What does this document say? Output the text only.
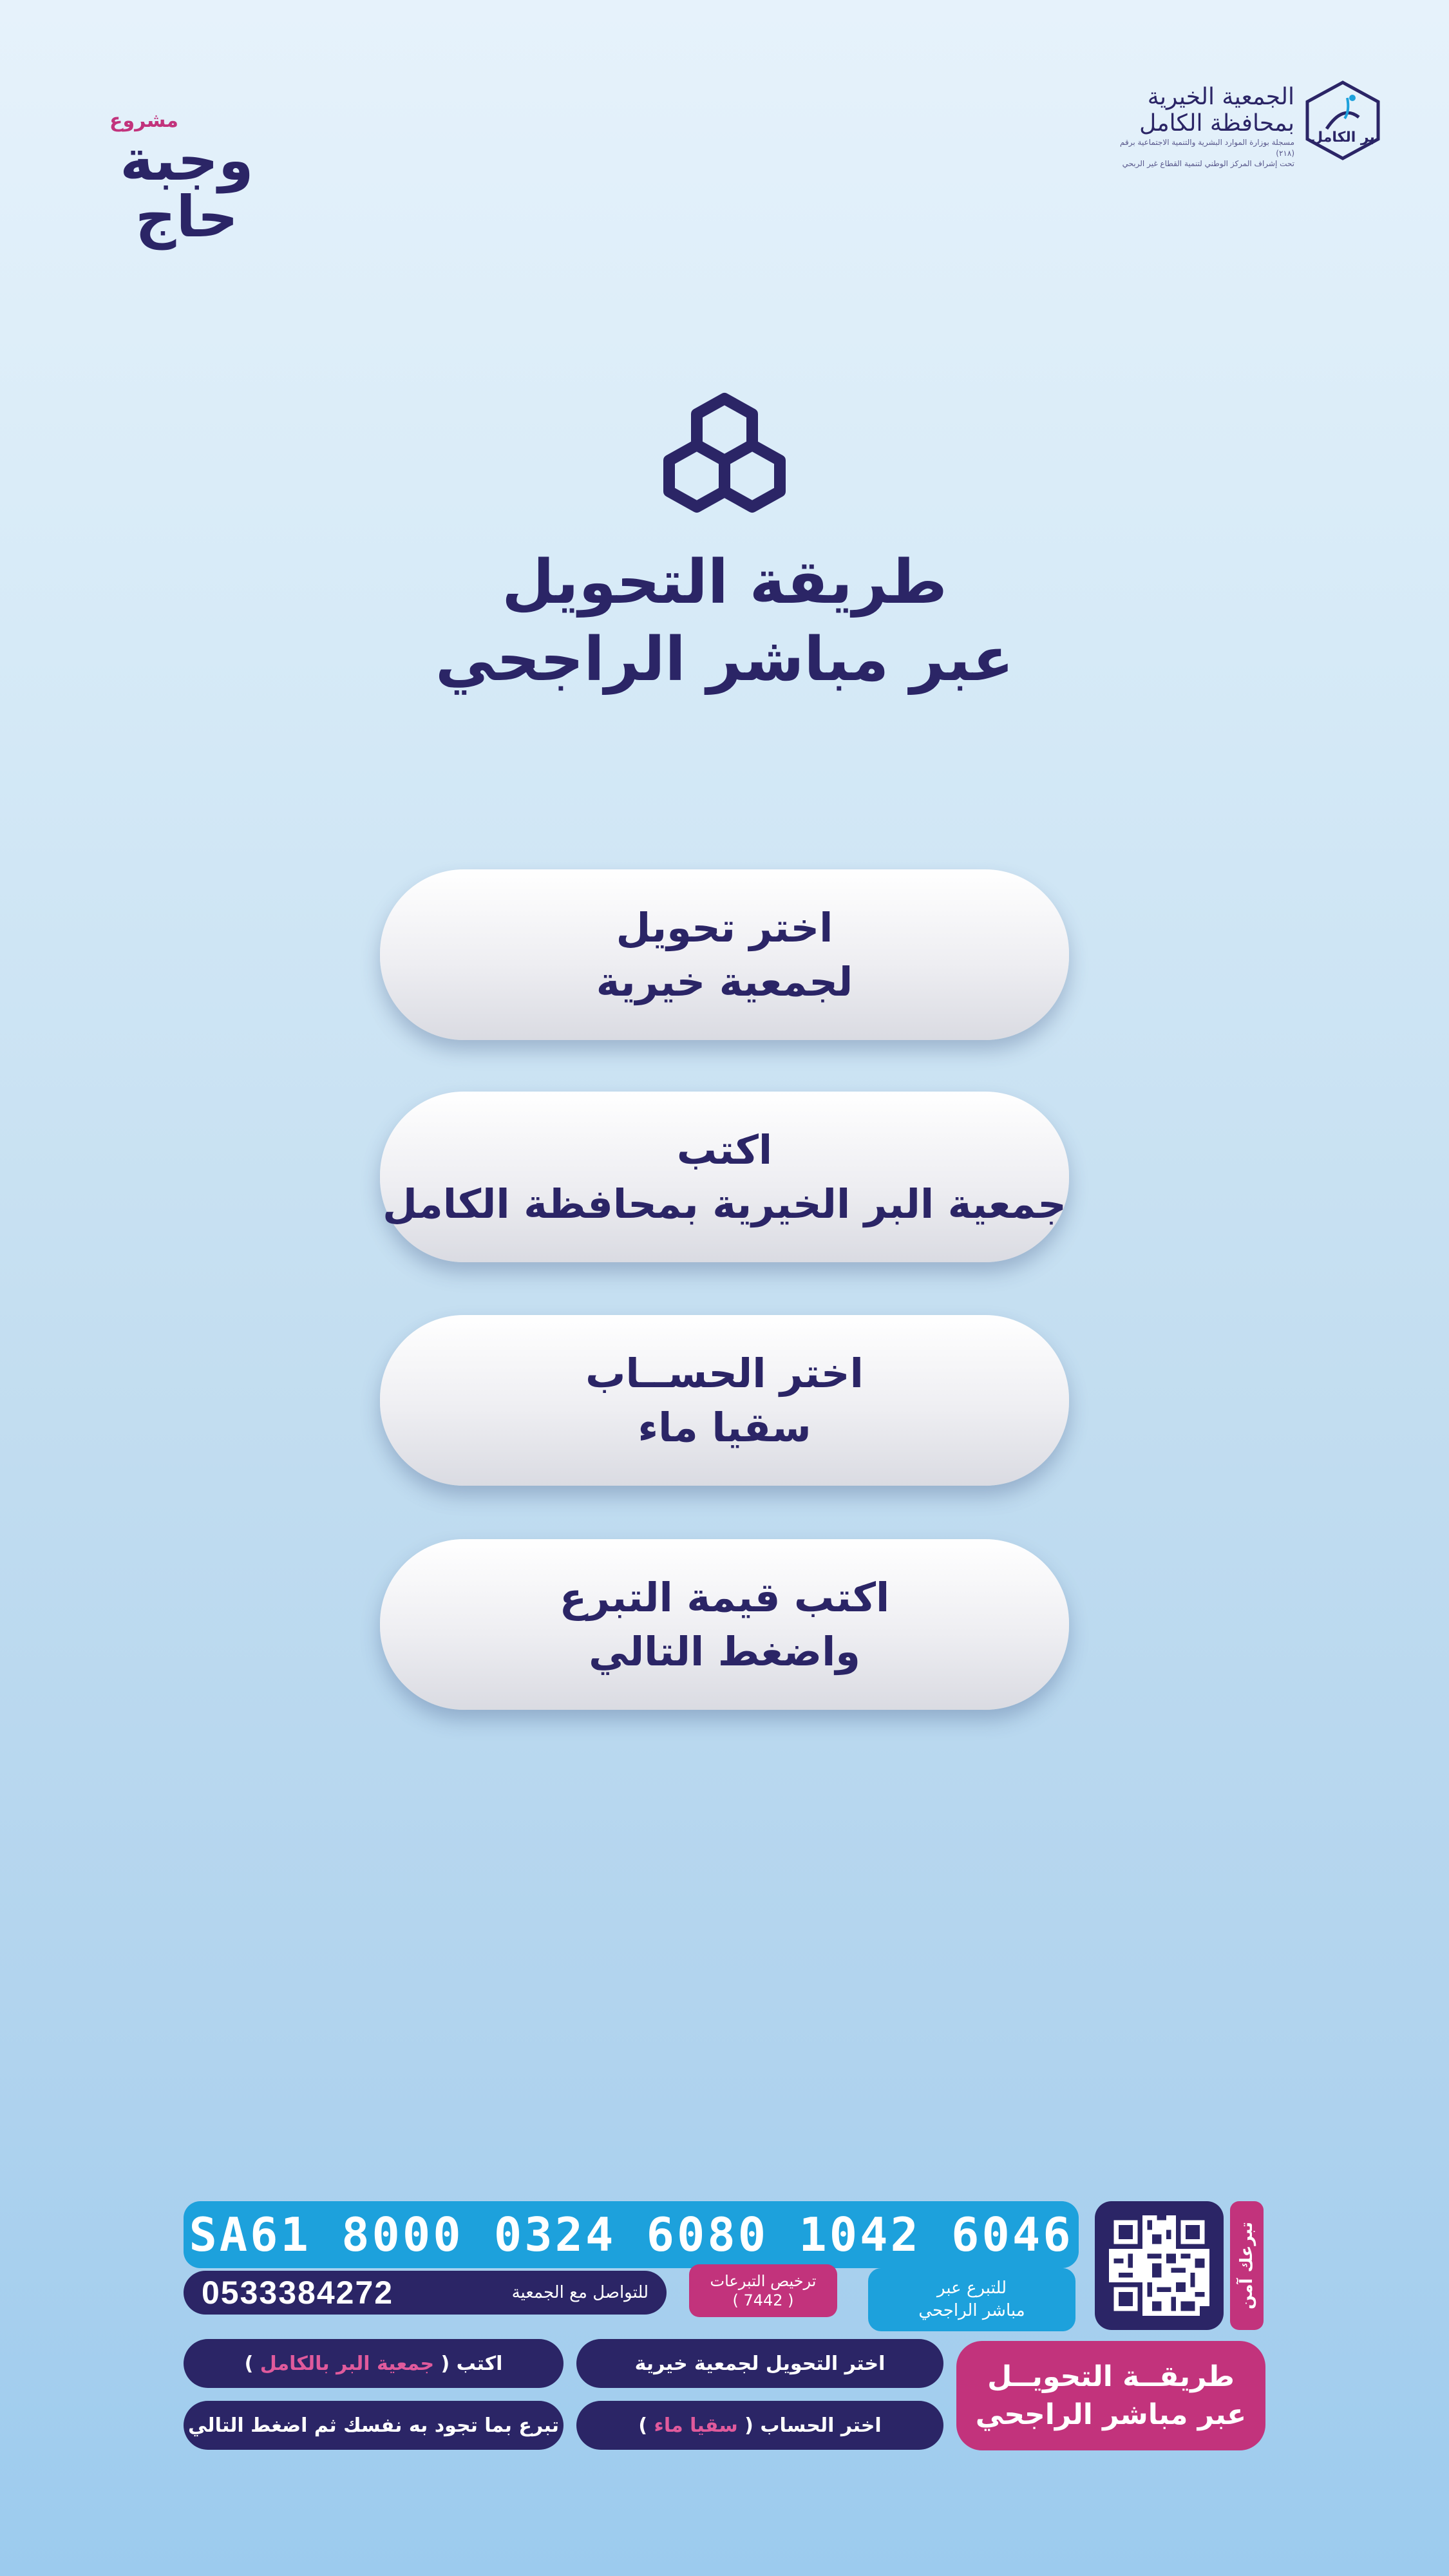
مشروع
وجبة حاج
بر الكامل
الجمعية الخيرية
بمحافظة الكامل
مسجلة بوزارة الموارد البشرية والتنمية الاجتماعية برقم (٢١٨)
تحت إشراف المركز الوطني لتنمية القطاع غير الربحي
طريقة التحويل
عبر مباشر الراجحي
اختر تحويل
لجمعية خيرية
اكتب
جمعية البر الخيرية بمحافظة الكامل
اختر الحســاب
سقيا ماء
اكتب قيمة التبرع
واضغط التالي
SA61 8000 0324 6080 1042 6046	تبرعك آمن
للتبرع عبر
مباشر الراجحي
ترخيص التبرعات
( 7442 )
للتواصل مع الجمعية
0533384272
اختر التحويل لجمعية خيرية
اكتب (

جمعية البر بالكامل

)
اختر الحساب (

سقيا ماء

)
تبرع بما تجود به نفسك ثم اضغط التالي
طريقــة التحويــل
عبر مباشر الراجحي
